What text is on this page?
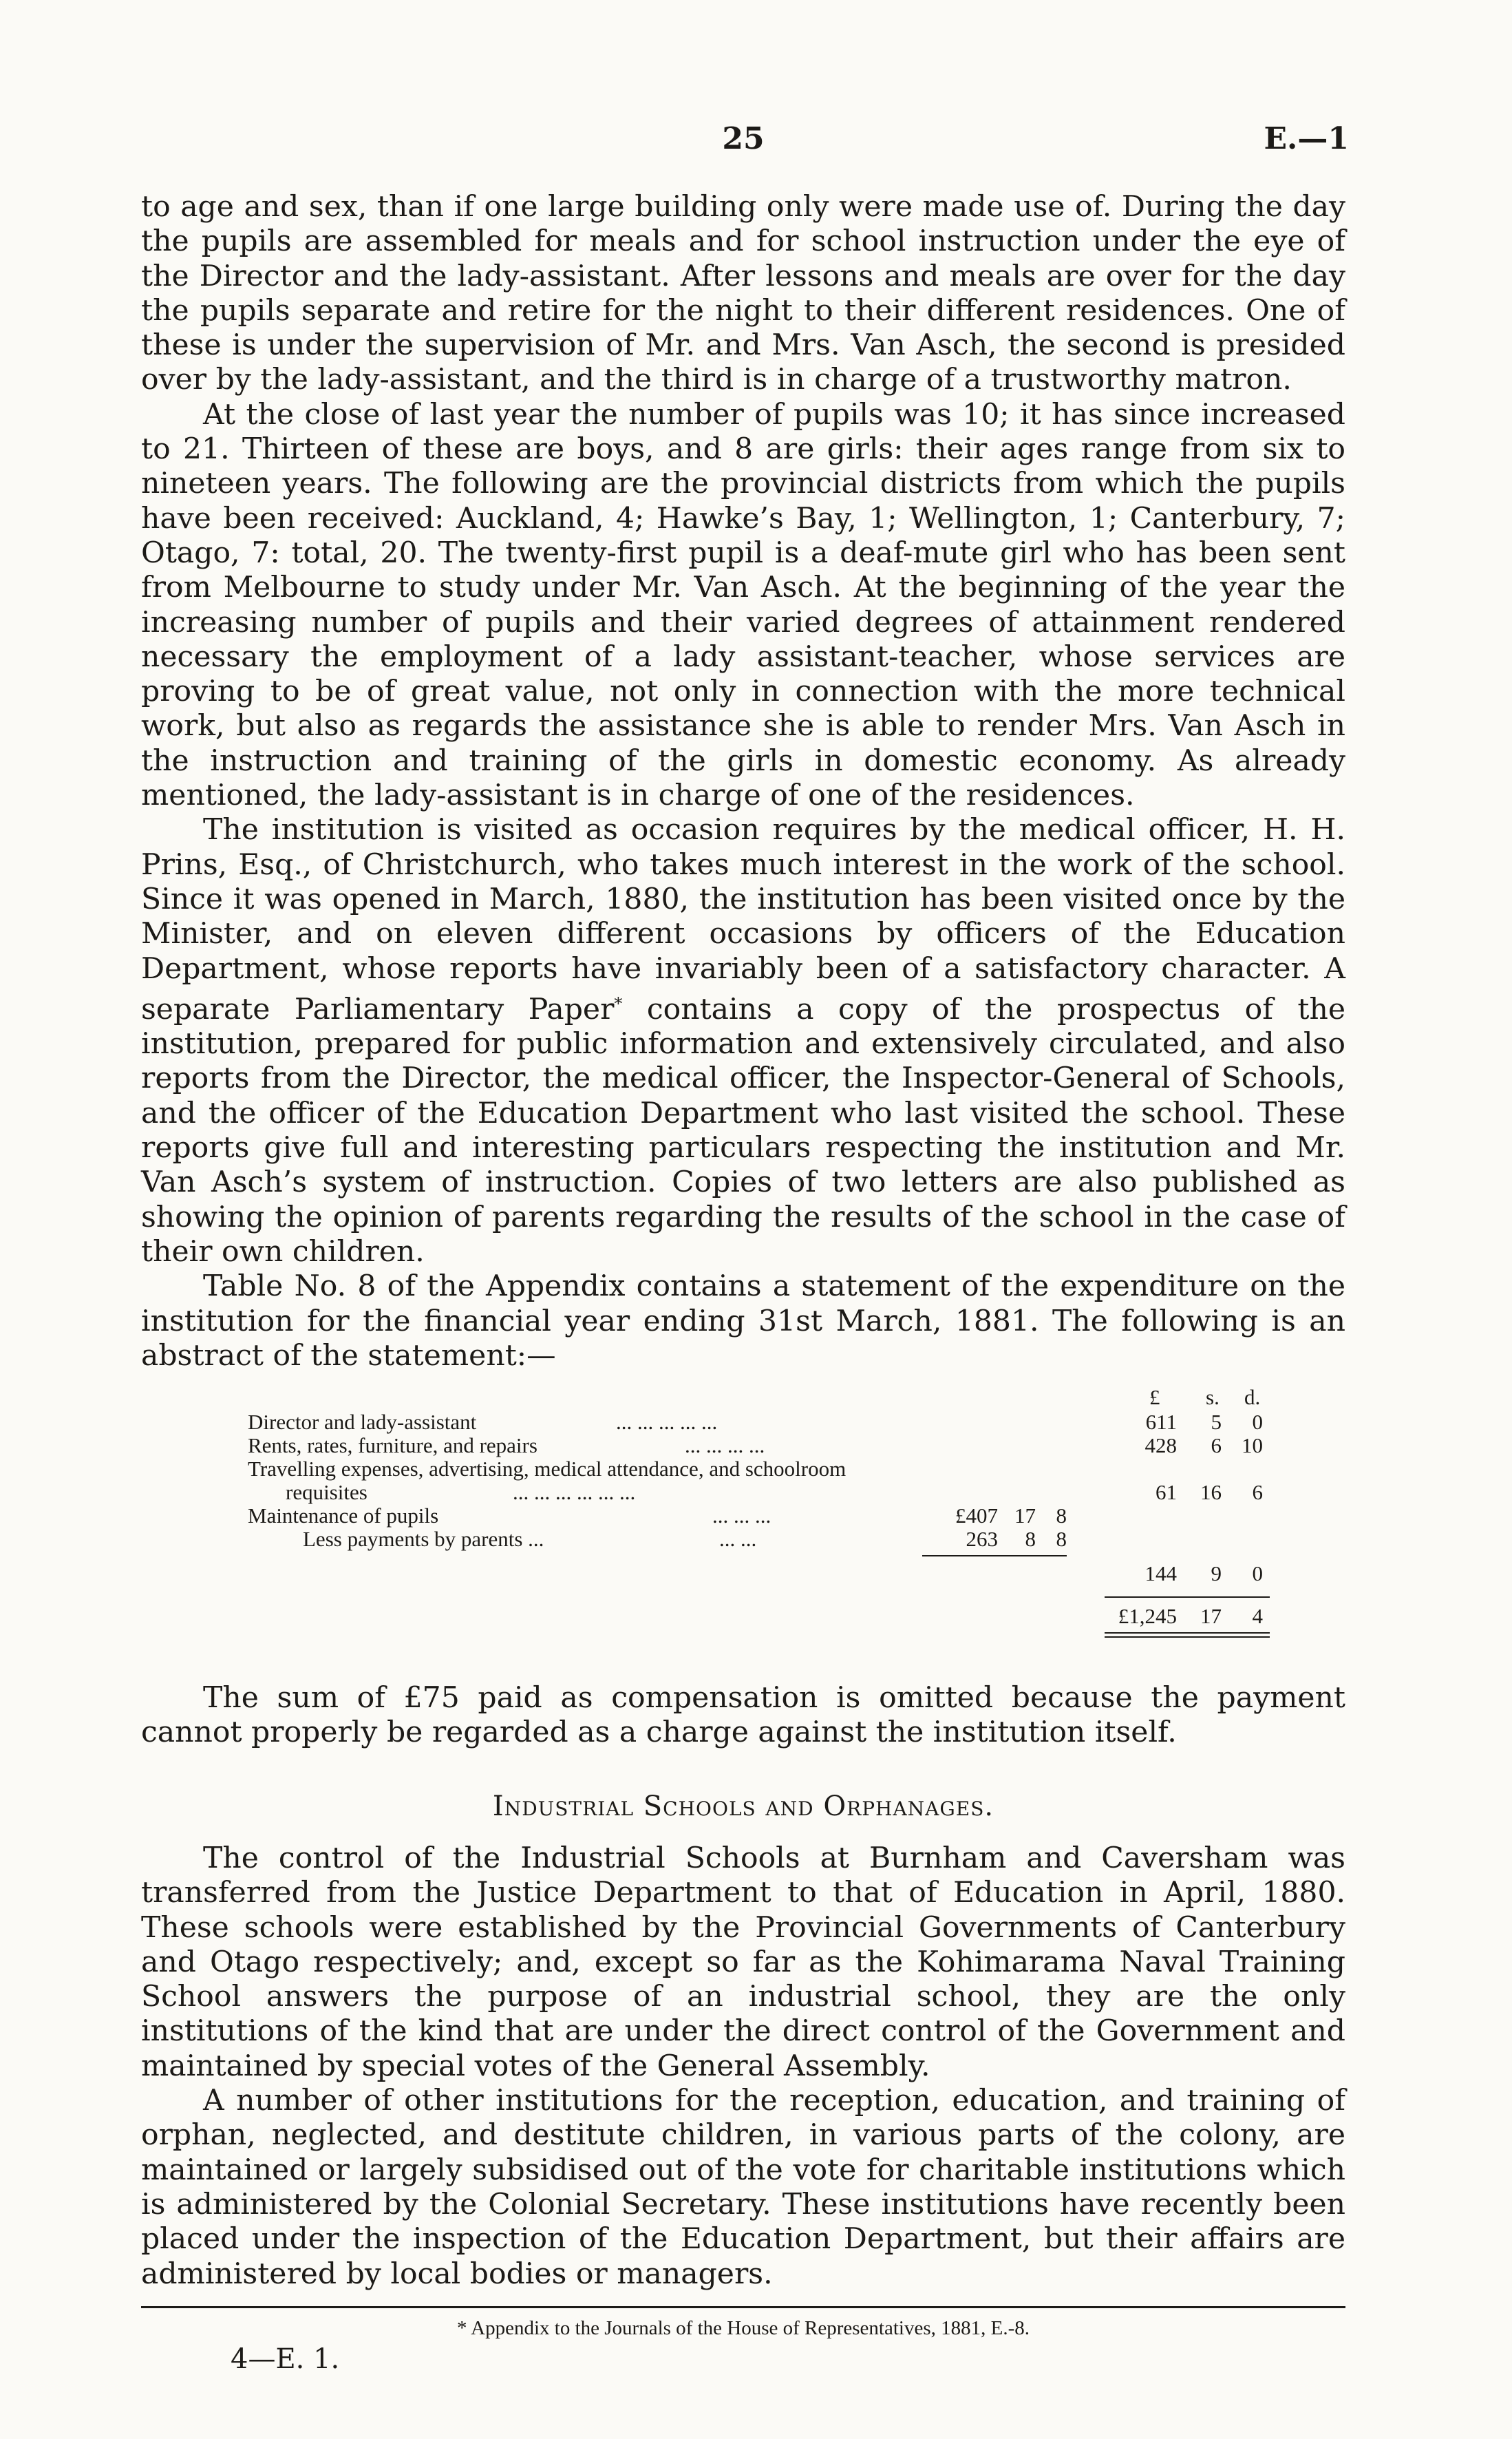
25	E.—1

to age and sex, than if one large building only were made use of. During the day the pupils are assembled for meals and for school instruction under the eye of the Director and the lady-assistant. After lessons and meals are over for the day the pupils separate and retire for the night to their different residences. One of these is under the supervision of Mr. and Mrs. Van Asch, the second is presided over by the lady-assistant, and the third is in charge of a trustworthy matron.

At the close of last year the number of pupils was 10; it has since increased to 21. Thirteen of these are boys, and 8 are girls: their ages range from six to nineteen years. The following are the provincial districts from which the pupils have been received: Auckland, 4; Hawke’s Bay, 1; Wellington, 1; Canterbury, 7; Otago, 7: total, 20. The twenty-first pupil is a deaf-mute girl who has been sent from Melbourne to study under Mr. Van Asch. At the beginning of the year the increasing number of pupils and their varied degrees of attainment rendered necessary the employment of a lady assistant-teacher, whose services are proving to be of great value, not only in connection with the more technical work, but also as regards the assistance she is able to render Mrs. Van Asch in the instruction and training of the girls in domestic economy. As already mentioned, the lady-assistant is in charge of one of the residences.

The institution is visited as occasion requires by the medical officer, H. H. Prins, Esq., of Christchurch, who takes much interest in the work of the school. Since it was opened in March, 1880, the institution has been visited once by the Minister, and on eleven different occasions by officers of the Education Department, whose reports have invariably been of a satisfactory character. A separate Parliamentary Paper* contains a copy of the prospectus of the institution, prepared for public information and extensively circulated, and also reports from the Director, the medical officer, the Inspector-General of Schools, and the officer of the Education Department who last visited the school. These reports give full and interesting particulars respecting the institution and Mr. Van Asch’s system of instruction. Copies of two letters are also published as showing the opinion of parents regarding the results of the school in the case of their own children.

Table No. 8 of the Appendix contains a statement of the expenditure on the institution for the financial year ending 31st March, 1881. The following is an abstract of the statement:—

£ s. d.
Director and lady-assistant	... ... ... ... ...	611	5	0
Rents, rates, furniture, and repairs	... ... ... ...	428	6 10
Travelling expenses, advertising, medical attendance, and schoolroom
requisites	... ... ... ... ... ...	61	16	6
Maintenance of pupils	... ... ...	£407 17 8
Less payments by parents ...	... ...	263	8 8
144	9	0
£1,245	17	4

The sum of £75 paid as compensation is omitted because the payment cannot properly be regarded as a charge against the institution itself.

Industrial Schools and Orphanages.

The control of the Industrial Schools at Burnham and Caversham was transferred from the Justice Department to that of Education in April, 1880. These schools were established by the Provincial Governments of Canterbury and Otago respectively; and, except so far as the Kohimarama Naval Training School answers the purpose of an industrial school, they are the only institutions of the kind that are under the direct control of the Government and maintained by special votes of the General Assembly.

A number of other institutions for the reception, education, and training of orphan, neglected, and destitute children, in various parts of the colony, are maintained or largely subsidised out of the vote for charitable institutions which is administered by the Colonial Secretary. These institutions have recently been placed under the inspection of the Education Department, but their affairs are administered by local bodies or managers.

* Appendix to the Journals of the House of Representatives, 1881, E.-8.
4—E. 1.
